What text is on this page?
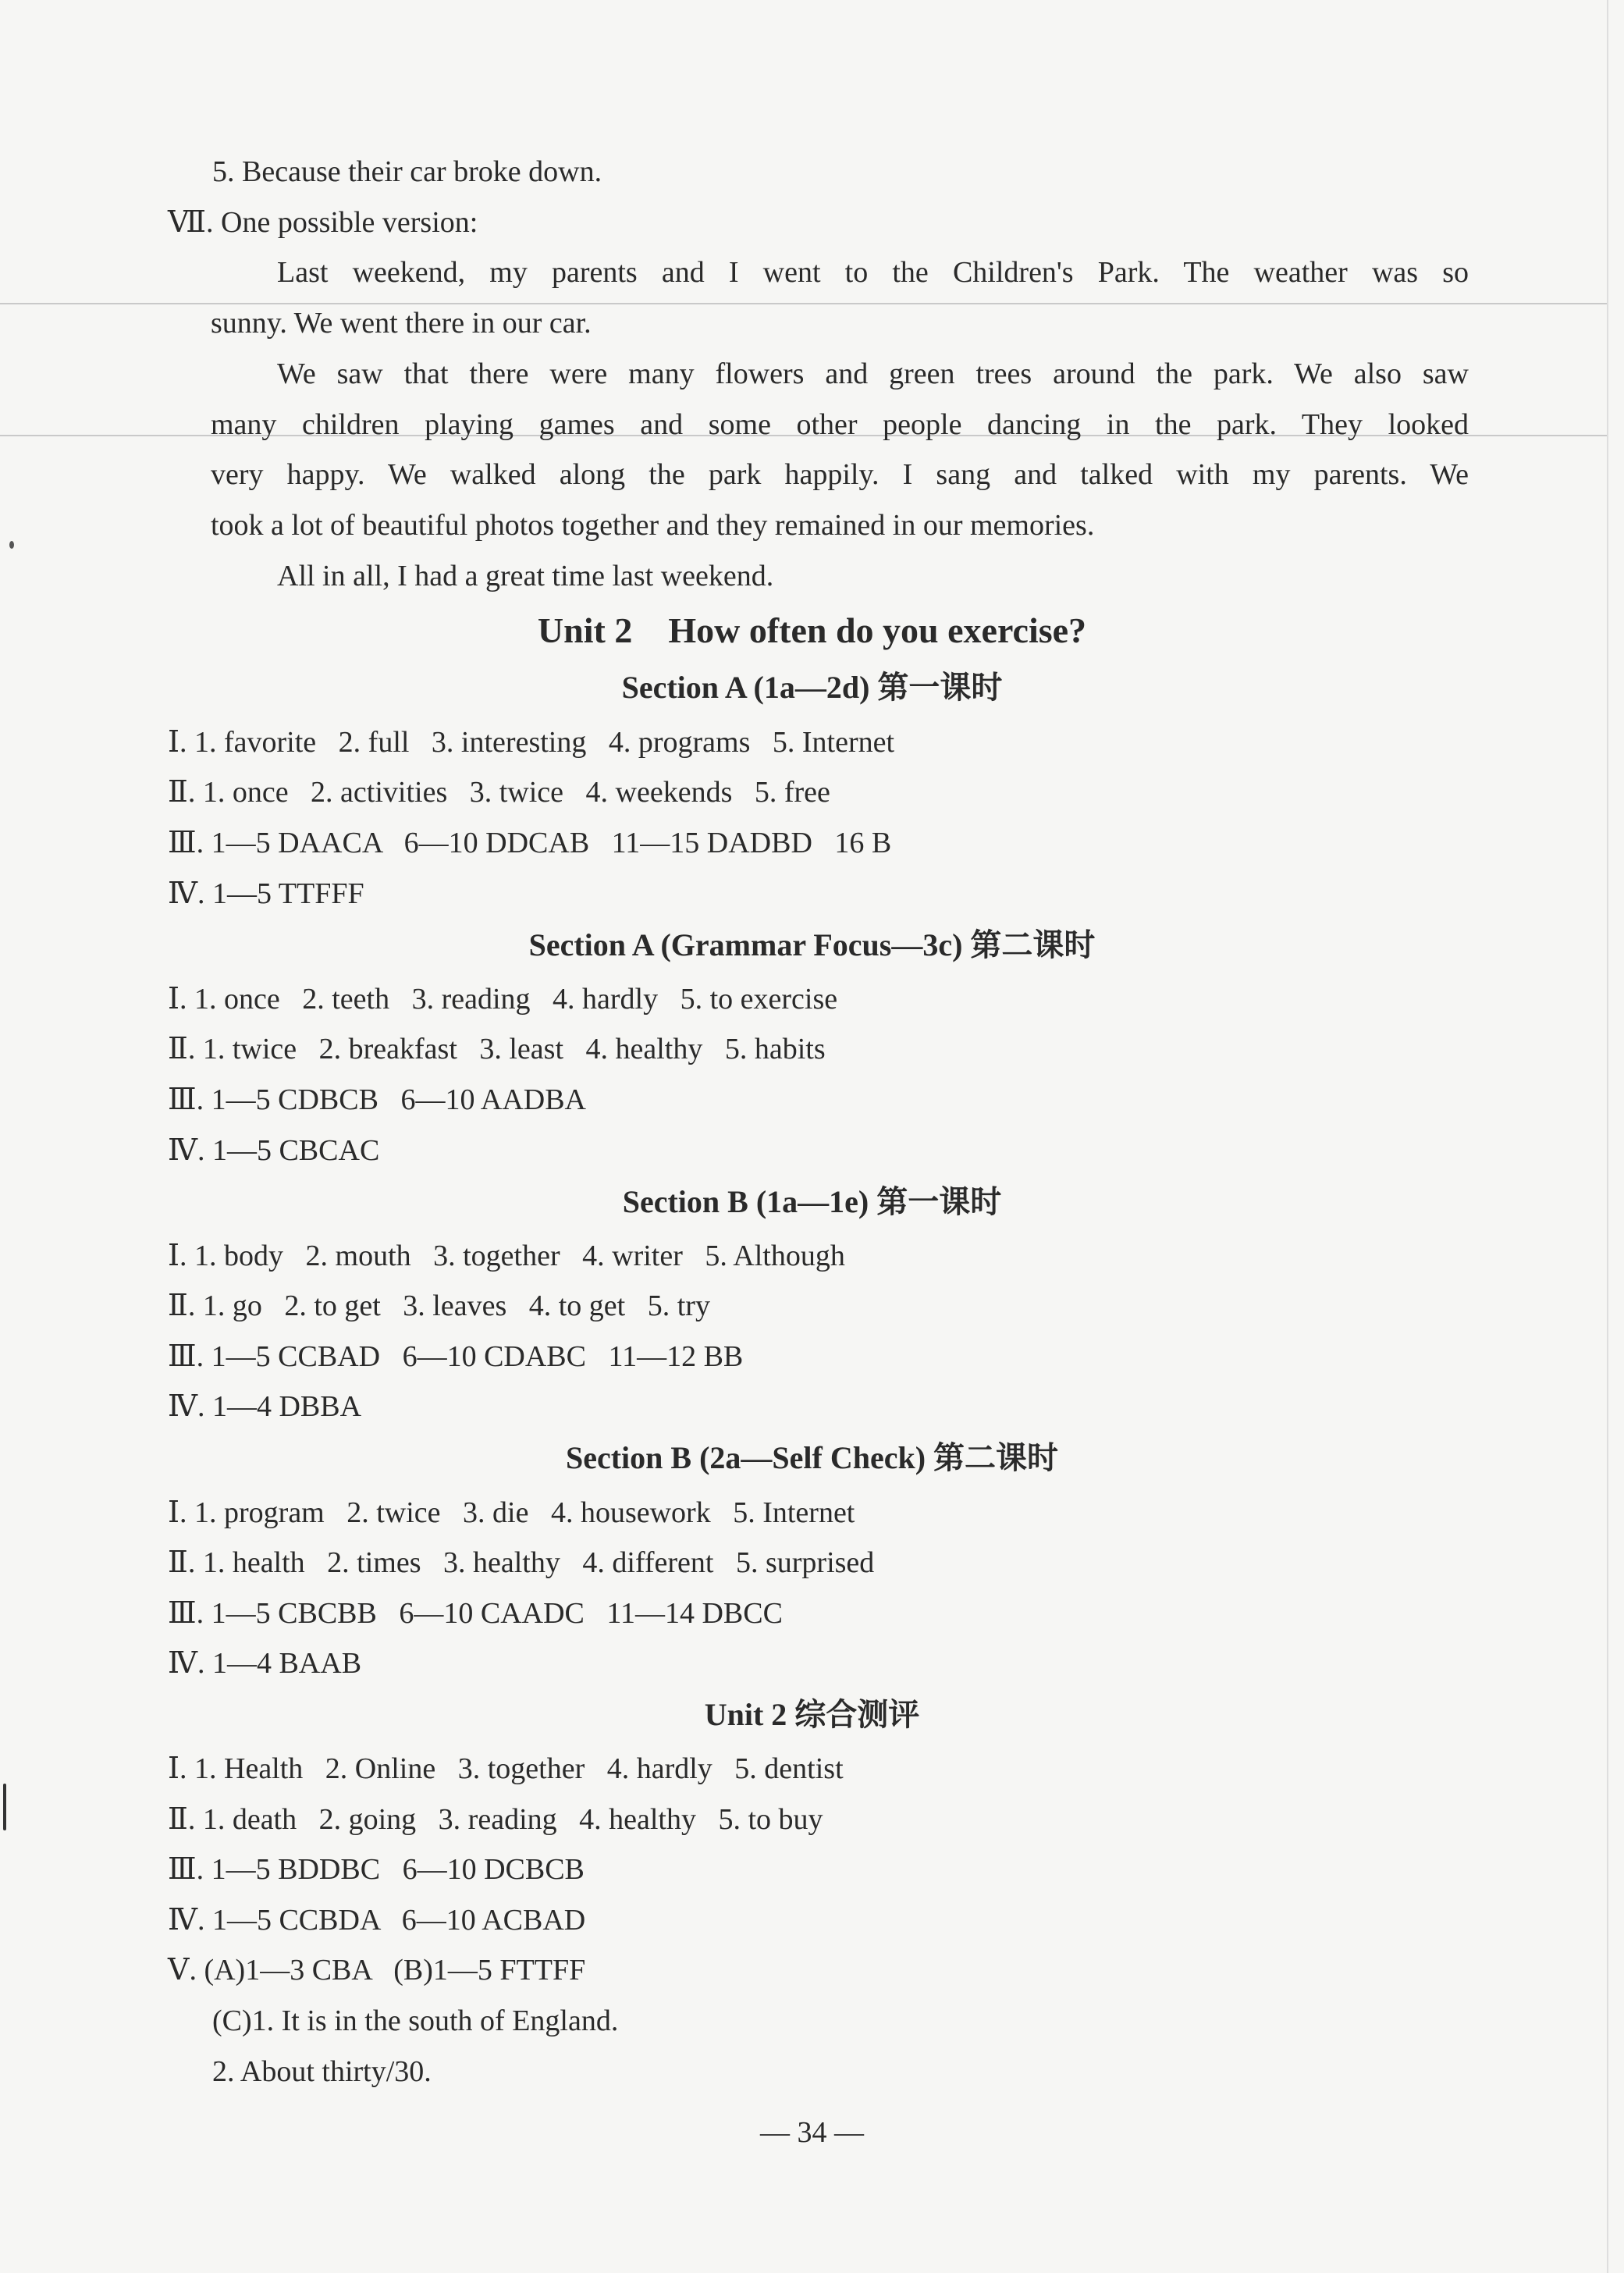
5. Because their car broke down.
Ⅶ. One possible version:
Last weekend, my parents and I went to the Children's Park. The weather was so
sunny. We went there in our car.
We saw that there were many flowers and green trees around the park. We also saw
many children playing games and some other people dancing in the park. They looked
very happy. We walked along the park happily. I sang and talked with my parents. We
took a lot of beautiful photos together and they remained in our memories.
All in all, I had a great time last weekend.
Unit 2    How often do you exercise?
Section A (1a—2d) 第一课时
Ⅰ. 1. favorite   2. full   3. interesting   4. programs   5. Internet
Ⅱ. 1. once   2. activities   3. twice   4. weekends   5. free
Ⅲ. 1—5 DAACA   6—10 DDCAB   11—15 DADBD   16 B
Ⅳ. 1—5 TTFFF
Section A (Grammar Focus—3c) 第二课时
Ⅰ. 1. once   2. teeth   3. reading   4. hardly   5. to exercise
Ⅱ. 1. twice   2. breakfast   3. least   4. healthy   5. habits
Ⅲ. 1—5 CDBCB   6—10 AADBA
Ⅳ. 1—5 CBCAC
Section B (1a—1e) 第一课时
Ⅰ. 1. body   2. mouth   3. together   4. writer   5. Although
Ⅱ. 1. go   2. to get   3. leaves   4. to get   5. try
Ⅲ. 1—5 CCBAD   6—10 CDABC   11—12 BB
Ⅳ. 1—4 DBBA
Section B (2a—Self Check) 第二课时
Ⅰ. 1. program   2. twice   3. die   4. housework   5. Internet
Ⅱ. 1. health   2. times   3. healthy   4. different   5. surprised
Ⅲ. 1—5 CBCBB   6—10 CAADC   11—14 DBCC
Ⅳ. 1—4 BAAB
Unit 2 综合测评
Ⅰ. 1. Health   2. Online   3. together   4. hardly   5. dentist
Ⅱ. 1. death   2. going   3. reading   4. healthy   5. to buy
Ⅲ. 1—5 BDDBC   6—10 DCBCB
Ⅳ. 1—5 CCBDA   6—10 ACBAD
Ⅴ. (A)1—3 CBA   (B)1—5 FTTFF
(C)1. It is in the south of England.
2. About thirty/30.
— 34 —
